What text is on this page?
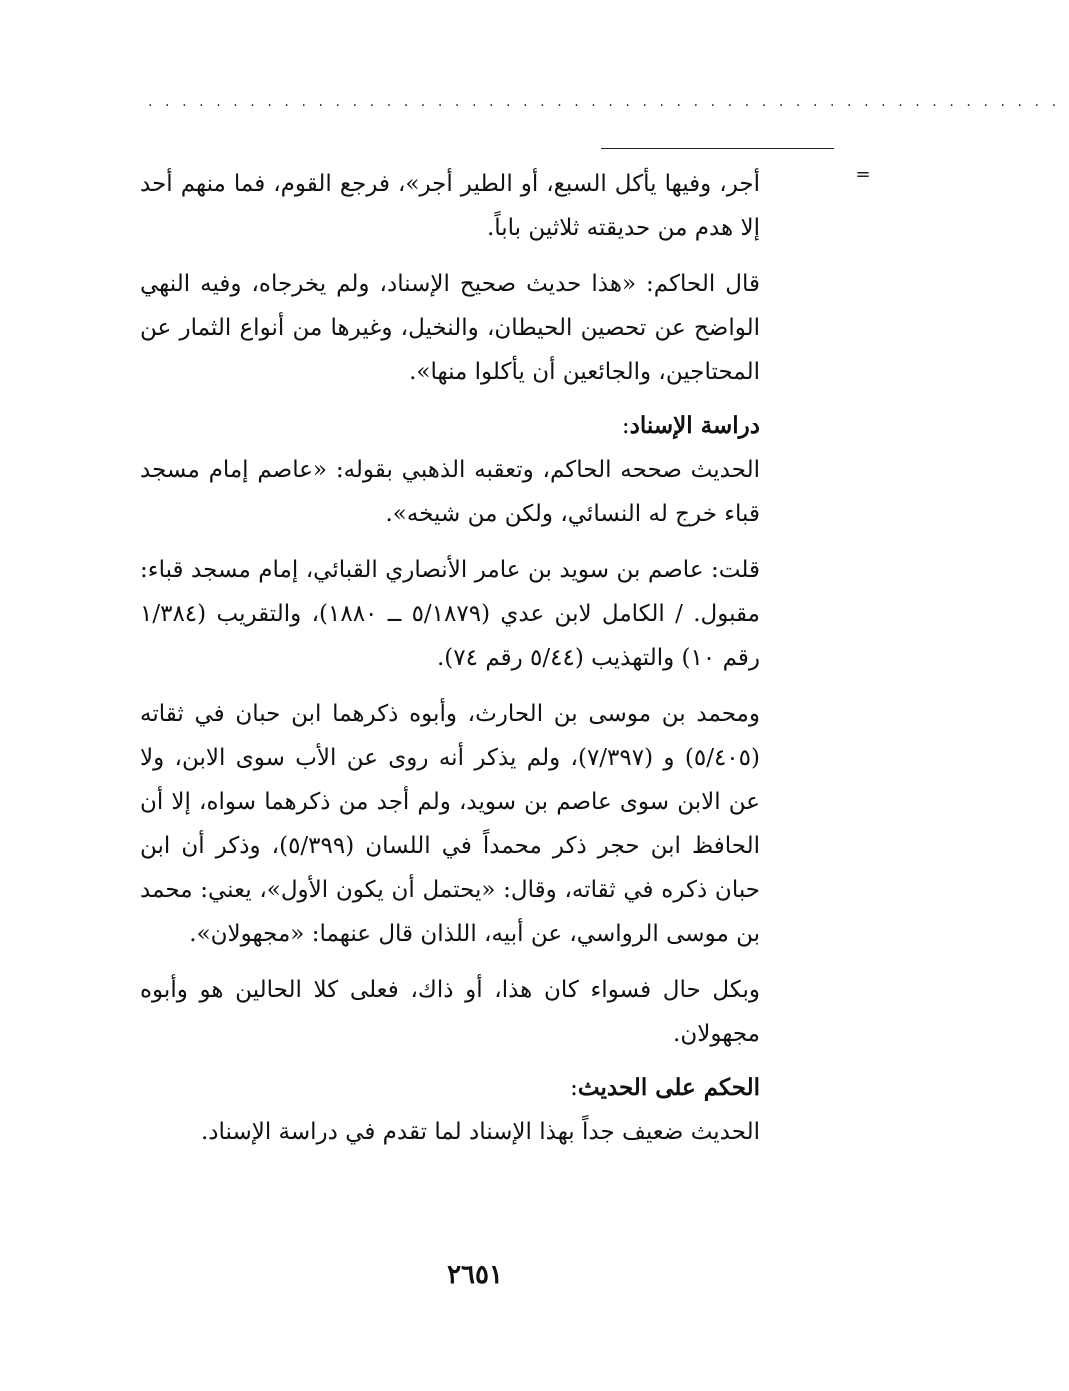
......................................................
=

أجر، وفيها يأكل السبع، أو الطير أجر»، فرجع القوم، فما منهم أحد إلا هدم من حديقته ثلاثين باباً.

قال الحاكم: «هذا حديث صحيح الإسناد، ولم يخرجاه، وفيه النهي الواضح عن تحصين الحيطان، والنخيل، وغيرها من أنواع الثمار عن المحتاجين، والجائعين أن يأكلوا منها».

دراسة الإسناد:

الحديث صححه الحاكم، وتعقبه الذهبي بقوله: «عاصم إمام مسجد قباء خرج له النسائي، ولكن من شيخه».

قلت: عاصم بن سويد بن عامر الأنصاري القبائي، إمام مسجد قباء: مقبول. / الكامل لابن عدي (٥/١٨٧٩ ــ ١٨٨٠)، والتقريب (١/٣٨٤ رقم ١٠) والتهذيب (٥/٤٤ رقم ٧٤).

ومحمد بن موسى بن الحارث، وأبوه ذكرهما ابن حبان في ثقاته (٥/٤٠٥) و (٧/٣٩٧)، ولم يذكر أنه روى عن الأب سوى الابن، ولا عن الابن سوى عاصم بن سويد، ولم أجد من ذكرهما سواه، إلا أن الحافظ ابن حجر ذكر محمداً في اللسان (٥/٣٩٩)، وذكر أن ابن حبان ذكره في ثقاته، وقال: «يحتمل أن يكون الأول»، يعني: محمد بن موسى الرواسي، عن أبيه، اللذان قال عنهما: «مجهولان».

وبكل حال فسواء كان هذا، أو ذاك، فعلى كلا الحالين هو وأبوه مجهولان.

الحكم على الحديث:

الحديث ضعيف جداً بهذا الإسناد لما تقدم في دراسة الإسناد.

٢٦٥١
